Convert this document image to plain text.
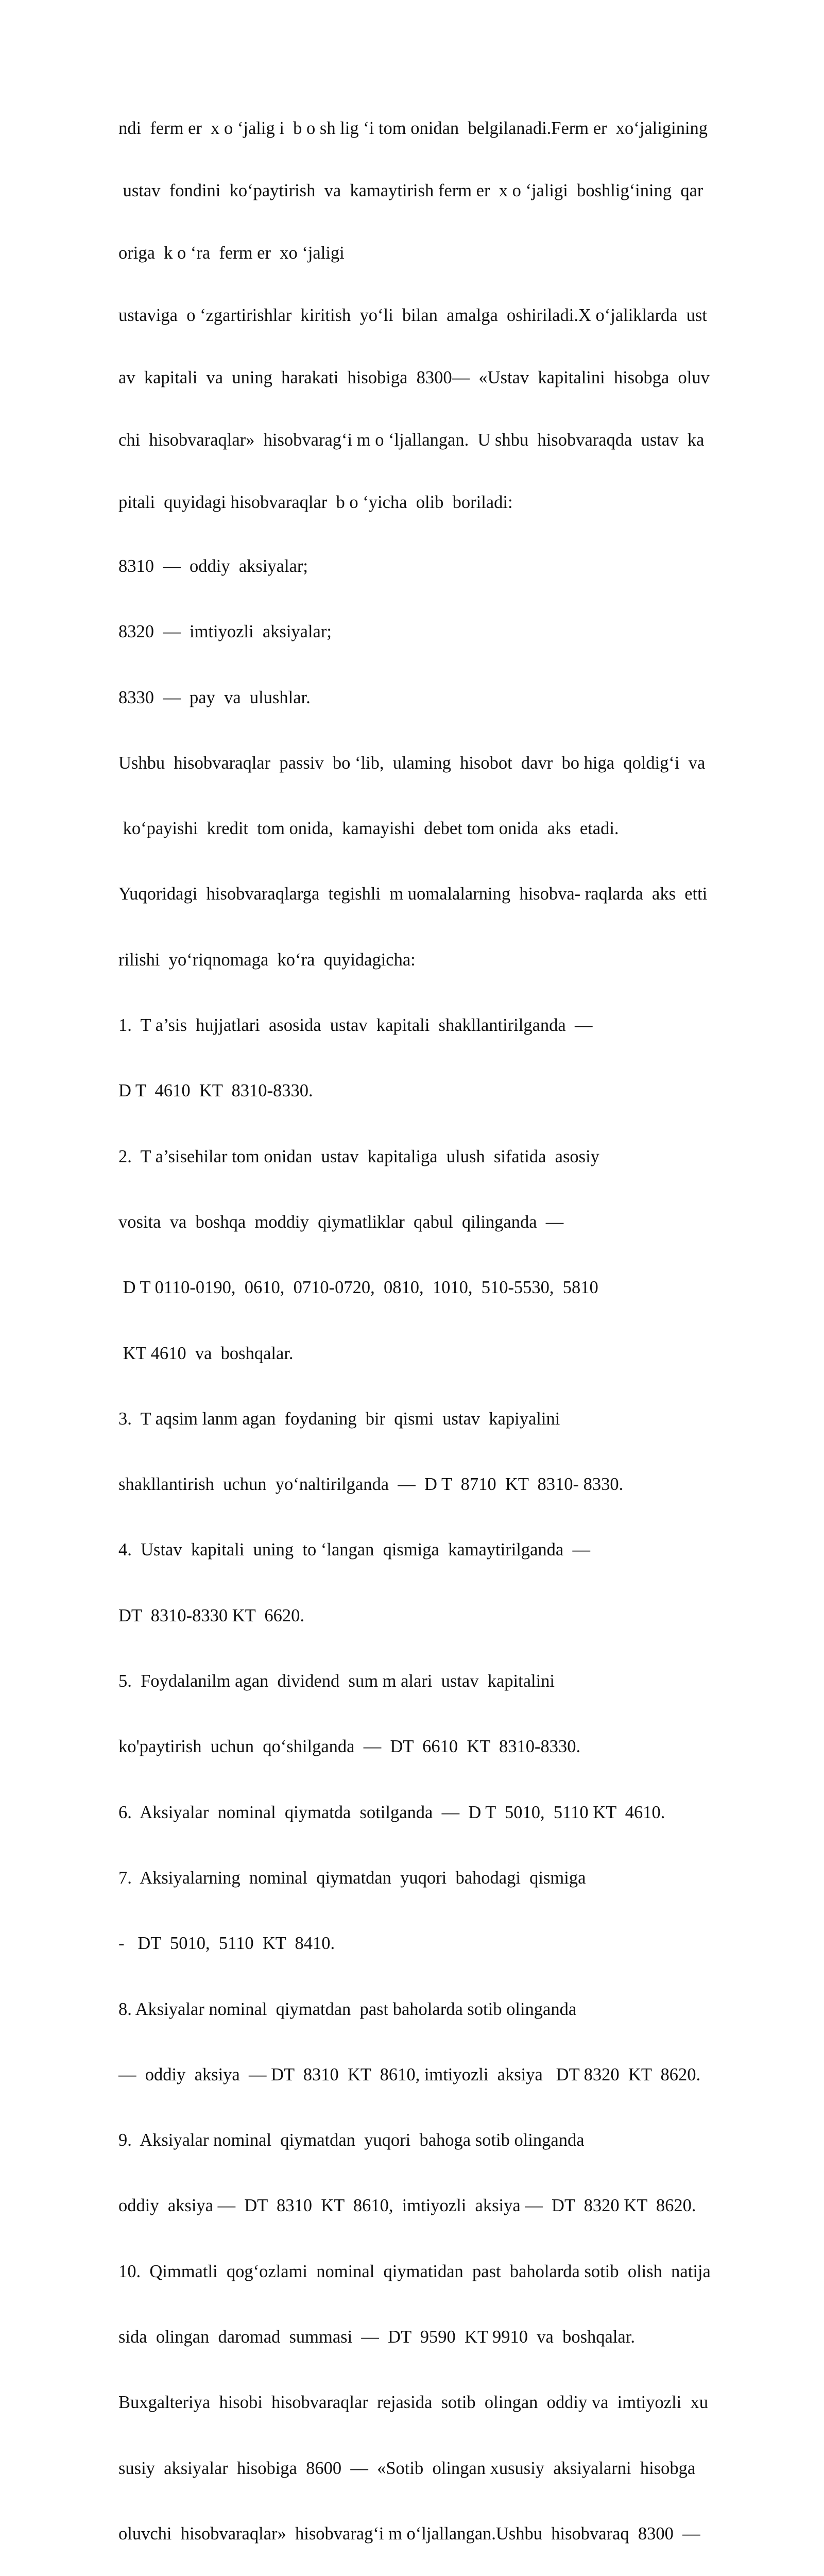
ndi  ferm er  x o ‘jalig i  b o sh lig ‘i tom onidan  belgilanadi.Ferm er  xo‘jaligining

ustav  fondini  ko‘paytirish  va  kamaytirish ferm er  x o ‘jaligi  boshlig‘ining  qar

origa  k o ‘ra  ferm er  xo ‘jaligi

ustaviga  o ‘zgartirishlar  kiritish  yo‘li  bilan  amalga  oshiriladi.X o‘jaliklarda  ust

av  kapitali  va  uning  harakati  hisobiga  8300—  «Ustav  kapitalini  hisobga  oluv

chi  hisobvaraqlar»  hisobvarag‘i m o ‘ljallangan.  U shbu  hisobvaraqda  ustav  ka

pitali  quyidagi hisobvaraqlar  b o ‘yicha  olib  boriladi:

8310  —  oddiy  aksiyalar;

8320  —  imtiyozli  aksiyalar;

8330  —  pay  va  ulushlar.

Ushbu  hisobvaraqlar  passiv  bo ‘lib,  ulaming  hisobot  davr  bo higa  qoldig‘i  va

ko‘payishi  kredit  tom onida,  kamayishi  debet tom onida  aks  etadi.

Yuqoridagi  hisobvaraqlarga  tegishli  m uomalalarning  hisobva- raqlarda  aks  etti

rilishi  yo‘riqnomaga  ko‘ra  quyidagicha:

1.  T a’sis  hujjatlari  asosida  ustav  kapitali  shakllantirilganda  —

D T  4610  KT  8310-8330.

2.  T a’sisehilar tom onidan  ustav  kapitaliga  ulush  sifatida  asosiy

vosita  va  boshqa  moddiy  qiymatliklar  qabul  qilinganda  —

D T 0110-0190,  0610,  0710-0720,  0810,  1010,  510-5530,  5810

KT 4610  va  boshqalar.

3.  T aqsim lanm agan  foydaning  bir  qismi  ustav  kapiyalini

shakllantirish  uchun  yo‘naltirilganda  —  D T  8710  KT  8310- 8330.

4.  Ustav  kapitali  uning  to ‘langan  qismiga  kamaytirilganda  —

DT  8310-8330 KT  6620.

5.  Foydalanilm agan  dividend  sum m alari  ustav  kapitalini

ko'paytirish  uchun  qo‘shilganda  —  DT  6610  KT  8310-8330.

6.  Aksiyalar  nominal  qiymatda  sotilganda  —  D T  5010,  5110 KT  4610.

7.  Aksiyalarning  nominal  qiymatdan  yuqori  bahodagi  qismiga

-   DT  5010,  5110  KT  8410.

8. Aksiyalar nominal  qiymatdan  past baholarda sotib olinganda

—  oddiy  aksiya  — DT  8310  KT  8610, imtiyozli  aksiya   DT 8320  KT  8620.

9.  Aksiyalar nominal  qiymatdan  yuqori  bahoga sotib olinganda

oddiy  aksiya —  DT  8310  KT  8610,  imtiyozli  aksiya —  DT  8320 KT  8620.

10.  Qimmatli  qog‘ozlami  nominal  qiymatidan  past  baholarda sotib  olish  natija

sida  olingan  daromad  summasi  —  DT  9590  KT 9910  va  boshqalar.

Buxgalteriya  hisobi  hisobvaraqlar  rejasida  sotib  olingan  oddiy va  imtiyozli  xu

susiy  aksiyalar  hisobiga  8600  —  «Sotib  olingan xususiy  aksiyalarni  hisobga

oluvchi  hisobvaraqlar»  hisobvarag‘i m o‘ljallangan.Ushbu  hisobvaraq  8300  —
